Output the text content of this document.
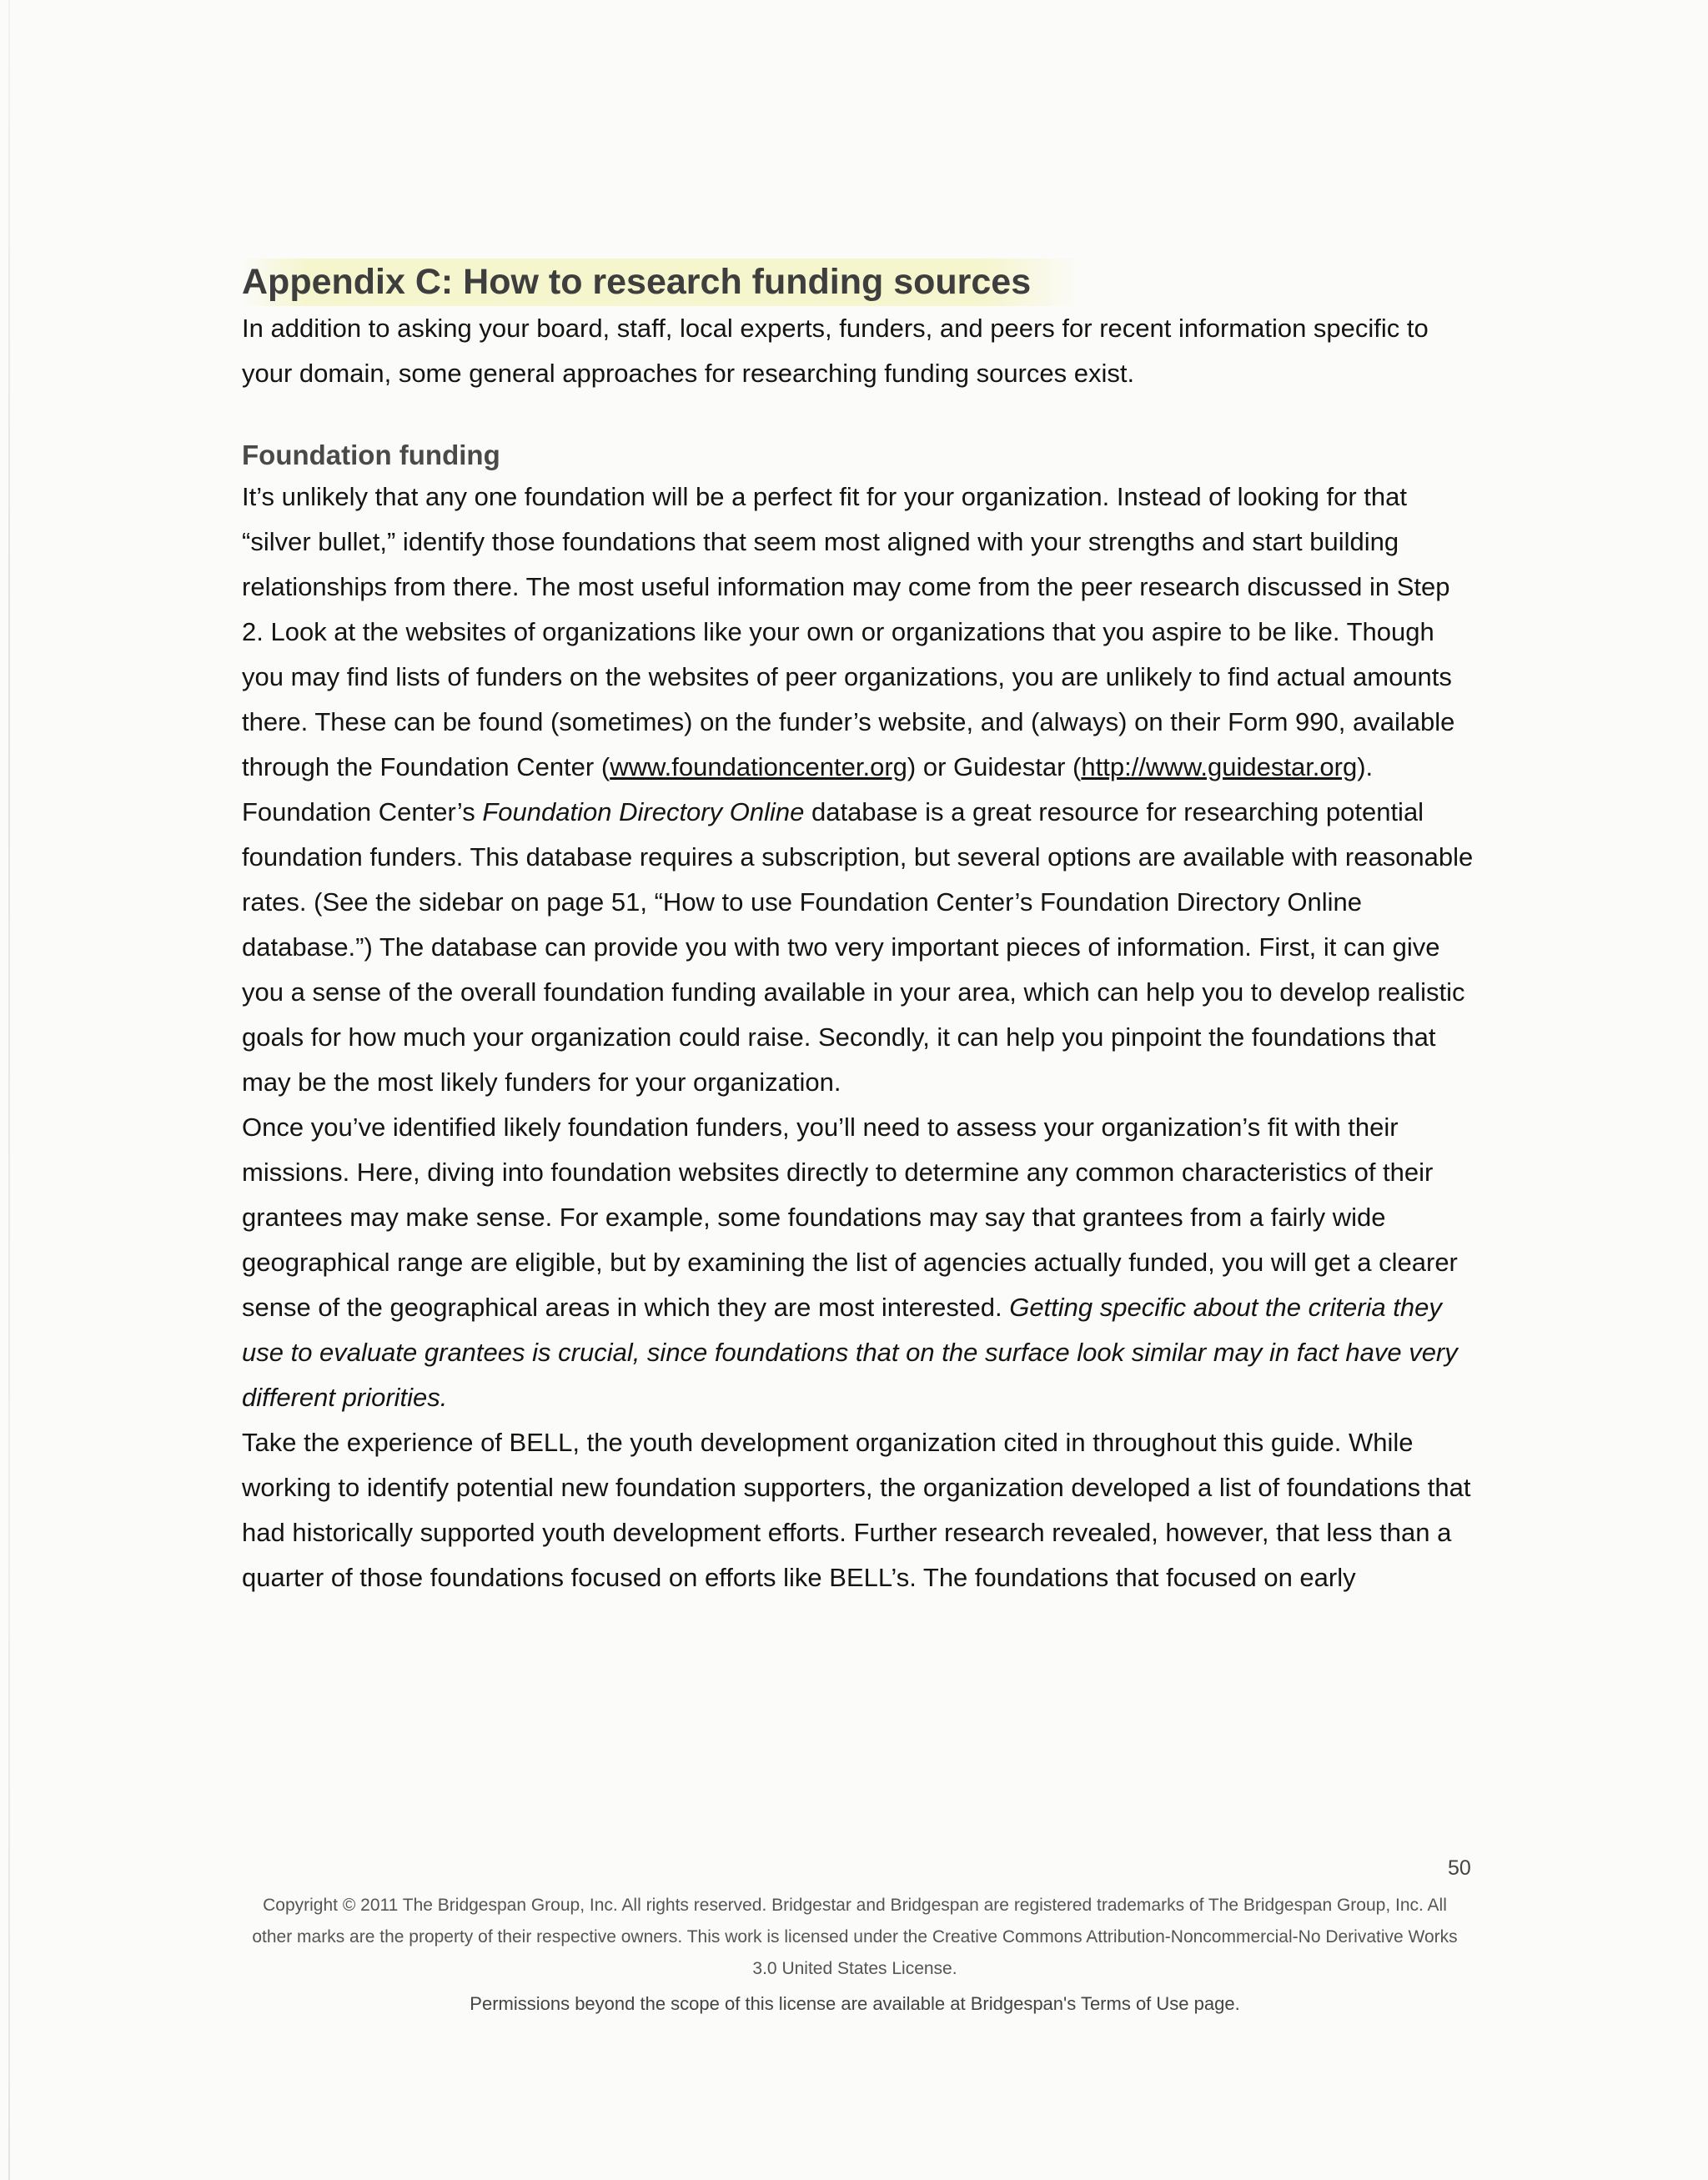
Appendix C: How to research funding sources

In addition to asking your board, staff, local experts, funders, and peers for recent information specific to your domain, some general approaches for researching funding sources exist.

Foundation funding

It’s unlikely that any one foundation will be a perfect fit for your organization. Instead of looking for that “silver bullet,” identify those foundations that seem most aligned with your strengths and start building relationships from there. The most useful information may come from the peer research discussed in Step 2. Look at the websites of organizations like your own or organizations that you aspire to be like. Though you may find lists of funders on the websites of peer organizations, you are unlikely to find actual amounts there. These can be found (sometimes) on the funder’s website, and (always) on their Form 990, available through the Foundation Center (www.foundationcenter.org) or Guidestar (http://www.guidestar.org).

Foundation Center’s Foundation Directory Online database is a great resource for researching potential foundation funders. This database requires a subscription, but several options are available with reasonable rates. (See the sidebar on page 51, “How to use Foundation Center’s Foundation Directory Online database.”) The database can provide you with two very important pieces of information. First, it can give you a sense of the overall foundation funding available in your area, which can help you to develop realistic goals for how much your organization could raise. Secondly, it can help you pinpoint the foundations that may be the most likely funders for your organization.

Once you’ve identified likely foundation funders, you’ll need to assess your organization’s fit with their missions. Here, diving into foundation websites directly to determine any common characteristics of their grantees may make sense. For example, some foundations may say that grantees from a fairly wide geographical range are eligible, but by examining the list of agencies actually funded, you will get a clearer sense of the geographical areas in which they are most interested. Getting specific about the criteria they use to evaluate grantees is crucial, since foundations that on the surface look similar may in fact have very different priorities.

Take the experience of BELL, the youth development organization cited in throughout this guide. While working to identify potential new foundation supporters, the organization developed a list of foundations that had historically supported youth development efforts. Further research revealed, however, that less than a quarter of those foundations focused on efforts like BELL’s. The foundations that focused on early

50
Copyright © 2011 The Bridgespan Group, Inc. All rights reserved. Bridgestar and Bridgespan are registered trademarks of The Bridgespan Group, Inc. All other marks are the property of their respective owners. This work is licensed under the Creative Commons Attribution-Noncommercial-No Derivative Works 3.0 United States License.
Permissions beyond the scope of this license are available at Bridgespan's Terms of Use page.
